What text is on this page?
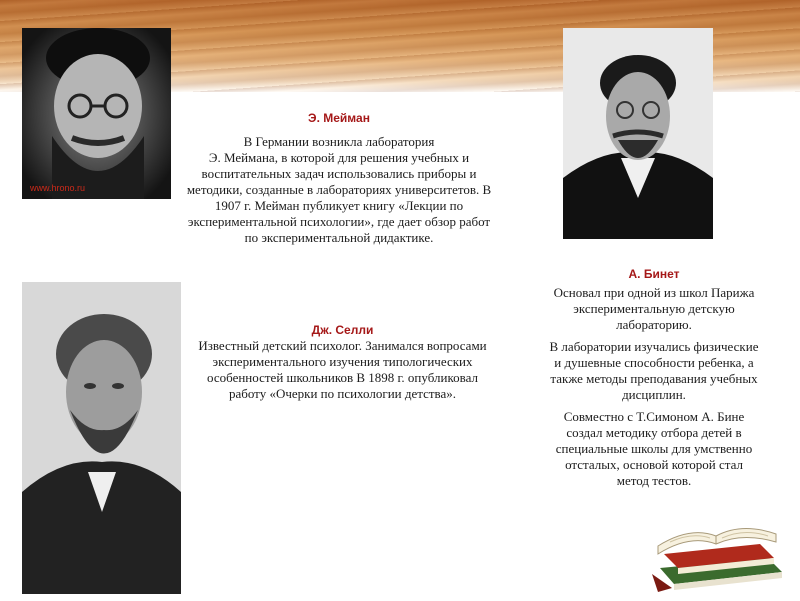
www.hrono.ru

Э. Мейман

В Германии возникла лаборатория

Э. Меймана, в которой для решения учебных и воспитательных задач использовались приборы и методики, созданные в лабораториях университетов. В 1907 г. Мейман публикует книгу «Лекции по экспериментальной психологии», где дает обзор работ по экспериментальной дидактике.

Дж. Селли

Известный детский психолог. Занимался вопросами экспериментального изучения типологических особенностей школьников В 1898 г. опубликовал работу «Очерки по психологии детства».

А. Бинет

Основал при одной из школ Парижа экспериментальную детскую лабораторию.

В лаборатории изучались физические и душевные способности ребенка, а также методы преподавания учебных дисциплин.

Совместно с Т.Симоном А. Бине создал методику отбора детей в специальные школы для умственно отсталых, основой которой стал метод тестов.
